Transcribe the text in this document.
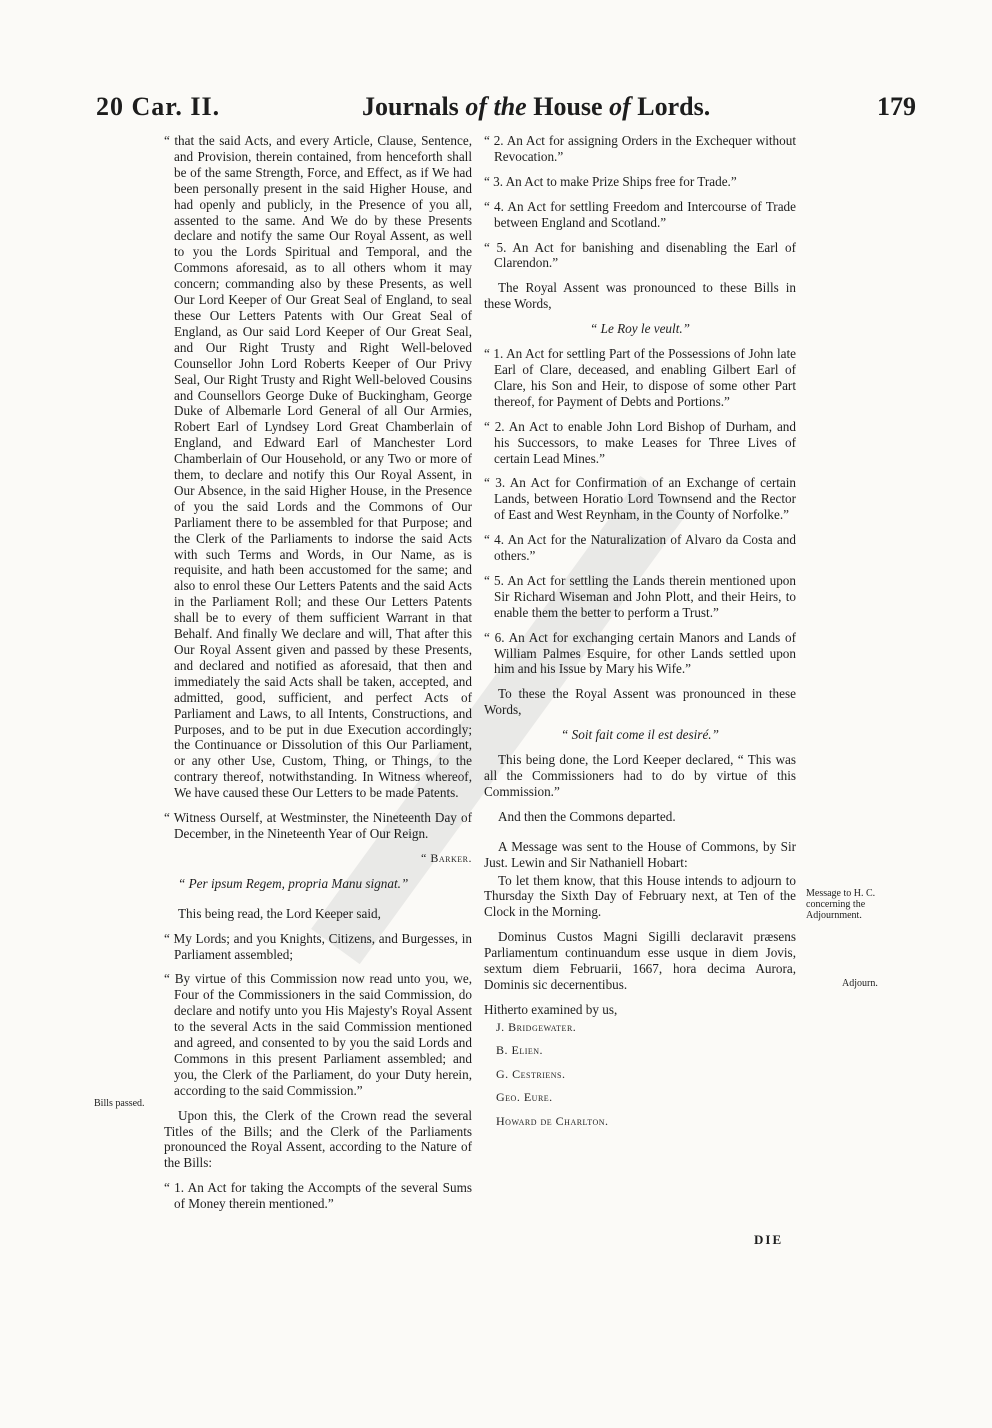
20 Car. II.	Journals of the House of Lords.	179

“ that the said Acts, and every Article, Clause, Sentence, and Provision, therein contained, from henceforth shall be of the same Strength, Force, and Effect, as if We had been personally present in the said Higher House, and had openly and publicly, in the Presence of you all, assented to the same. And We do by these Presents declare and notify the same Our Royal Assent, as well to you the Lords Spiritual and Temporal, and the Commons aforesaid, as to all others whom it may concern; commanding also by these Presents, as well Our Lord Keeper of Our Great Seal of England, to seal these Our Letters Patents with Our Great Seal of England, as Our said Lord Keeper of Our Great Seal, and Our Right Trusty and Right Well-beloved Counsellor John Lord Roberts Keeper of Our Privy Seal, Our Right Trusty and Right Well-beloved Cousins and Counsellors George Duke of Buckingham, George Duke of Albemarle Lord General of all Our Armies, Robert Earl of Lyndsey Lord Great Chamberlain of England, and Edward Earl of Manchester Lord Chamberlain of Our Household, or any Two or more of them, to declare and notify this Our Royal Assent, in Our Absence, in the said Higher House, in the Presence of you the said Lords and the Commons of Our Parliament there to be assembled for that Purpose; and the Clerk of the Parliaments to indorse the said Acts with such Terms and Words, in Our Name, as is requisite, and hath been accustomed for the same; and also to enrol these Our Letters Patents and the said Acts in the Parliament Roll; and these Our Letters Patents shall be to every of them sufficient Warrant in that Behalf. And finally We declare and will, That after this Our Royal Assent given and passed by these Presents, and declared and notified as aforesaid, that then and immediately the said Acts shall be taken, accepted, and admitted, good, sufficient, and perfect Acts of Parliament and Laws, to all Intents, Constructions, and Purposes, and to be put in due Execution accordingly; the Continuance or Dissolution of this Our Parliament, or any other Use, Custom, Thing, or Things, to the contrary thereof, notwithstanding. In Witness whereof, We have caused these Our Letters to be made Patents.

“ Witness Ourself, at Westminster, the Nineteenth Day of December, in the Nineteenth Year of Our Reign.

“ Barker.

“ Per ipsum Regem, propria Manu signat.”

This being read, the Lord Keeper said,

“ My Lords; and you Knights, Citizens, and Burgesses, in Parliament assembled;

“ By virtue of this Commission now read unto you, we, Four of the Commissioners in the said Commission, do declare and notify unto you His Majesty's Royal Assent to the several Acts in the said Commission mentioned and agreed, and consented to by you the said Lords and Commons in this present Parliament assembled; and you, the Clerk of the Parliament, do your Duty herein, according to the said Commission.”

Upon this, the Clerk of the Crown read the several Titles of the Bills; and the Clerk of the Parliaments pronounced the Royal Assent, according to the Nature of the Bills:

“ 1. An Act for taking the Accompts of the several Sums of Money therein mentioned.”

“ 2. An Act for assigning Orders in the Exchequer without Revocation.”

“ 3. An Act to make Prize Ships free for Trade.”

“ 4. An Act for settling Freedom and Intercourse of Trade between England and Scotland.”

“ 5. An Act for banishing and disenabling the Earl of Clarendon.”

The Royal Assent was pronounced to these Bills in these Words,

“ Le Roy le veult.”

“ 1. An Act for settling Part of the Possessions of John late Earl of Clare, deceased, and enabling Gilbert Earl of Clare, his Son and Heir, to dispose of some other Part thereof, for Payment of Debts and Portions.”

“ 2. An Act to enable John Lord Bishop of Durham, and his Successors, to make Leases for Three Lives of certain Lead Mines.”

“ 3. An Act for Confirmation of an Exchange of certain Lands, between Horatio Lord Townsend and the Rector of East and West Reynham, in the County of Norfolke.”

“ 4. An Act for the Naturalization of Alvaro da Costa and others.”

“ 5. An Act for settling the Lands therein mentioned upon Sir Richard Wiseman and John Plott, and their Heirs, to enable them the better to perform a Trust.”

“ 6. An Act for exchanging certain Manors and Lands of William Palmes Esquire, for other Lands settled upon him and his Issue by Mary his Wife.”

To these the Royal Assent was pronounced in these Words,

“ Soit fait come il est desiré.”

This being done, the Lord Keeper declared, “ This was all the Commissioners had to do by virtue of this Commission.”

And then the Commons departed.

A Message was sent to the House of Commons, by Sir Just. Lewin and Sir Nathaniell Hobart:

To let them know, that this House intends to adjourn to Thursday the Sixth Day of February next, at Ten of the Clock in the Morning.

Dominus Custos Magni Sigilli declaravit præsens Parliamentum continuandum esse usque in diem Jovis, sextum diem Februarii, 1667, hora decima Aurora, Dominis sic decernentibus.

Hitherto examined by us,

J. Bridgewater.

B. Elien.

G. Cestriens.

Geo. Eure.

Howard de Charlton.

Bills passed.
Message to H. C. concerning the Adjournment.
Adjourn.
DIE
